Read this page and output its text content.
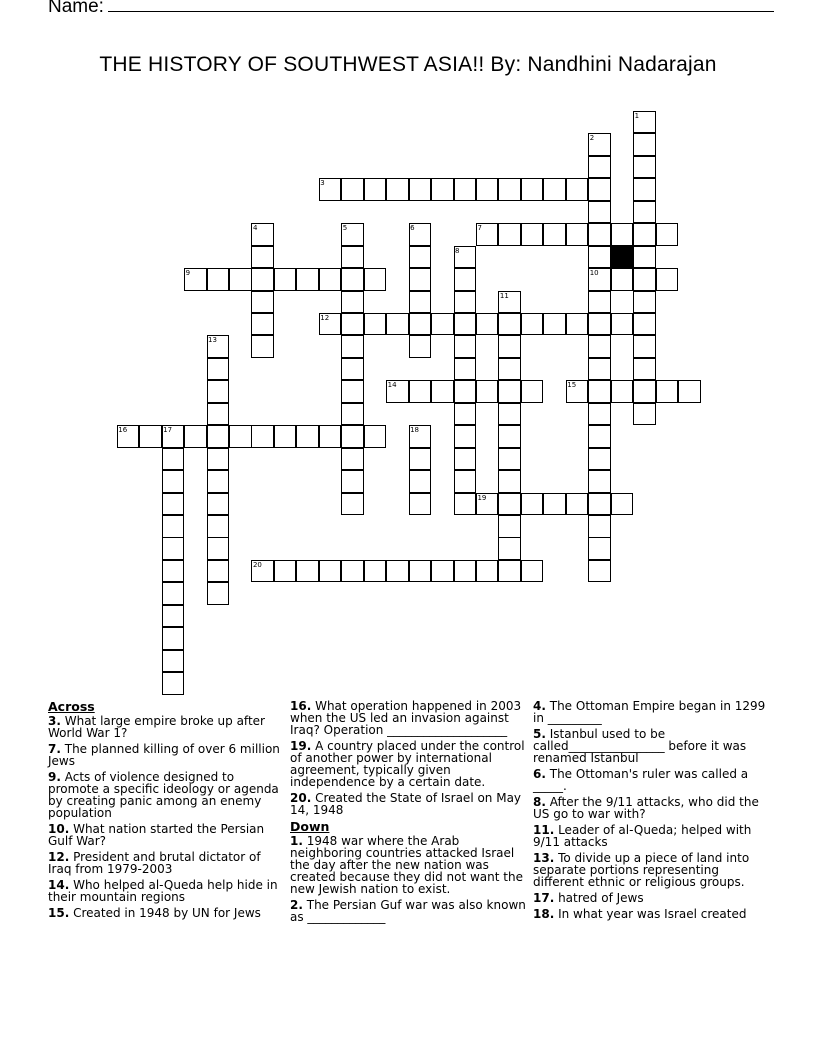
Name:
THE HISTORY OF SOUTHWEST ASIA!! By: Nandhini Nadarajan
1
2
3
4	5	6	7
8
9	10
11
12
13
14	15
16	17	18
19
20
Across
3. What large empire broke up after World War 1?
7. The planned killing of over 6 million Jews
9. Acts of violence designed to promote a specific ideology or agenda by creating panic among an enemy population
10. What nation started the Persian Gulf War?
12. President and brutal dictator of Iraq from 1979-2003
14. Who helped al-Queda help hide in their mountain regions
15. Created in 1948 by UN for Jews
16. What operation happened in 2003 when the US led an invasion against Iraq? Operation ____________________
19. A country placed under the control of another power by international agreement, typically given independence by a certain date.
20. Created the State of Israel on May 14, 1948
Down
1. 1948 war where the Arab neighboring countries attacked Israel the day after the new nation was created because they did not want the new Jewish nation to exist.
2. The Persian Guf war was also known as _____________
4. The Ottoman Empire began in 1299 in _________
5. Istanbul used to be called________________ before it was renamed Istanbul
6. The Ottoman's ruler was called a _____.
8. After the 9/11 attacks, who did the US go to war with?
11. Leader of al-Queda; helped with 9/11 attacks
13. To divide up a piece of land into separate portions representing different ethnic or religious groups.
17. hatred of Jews
18. In what year was Israel created
